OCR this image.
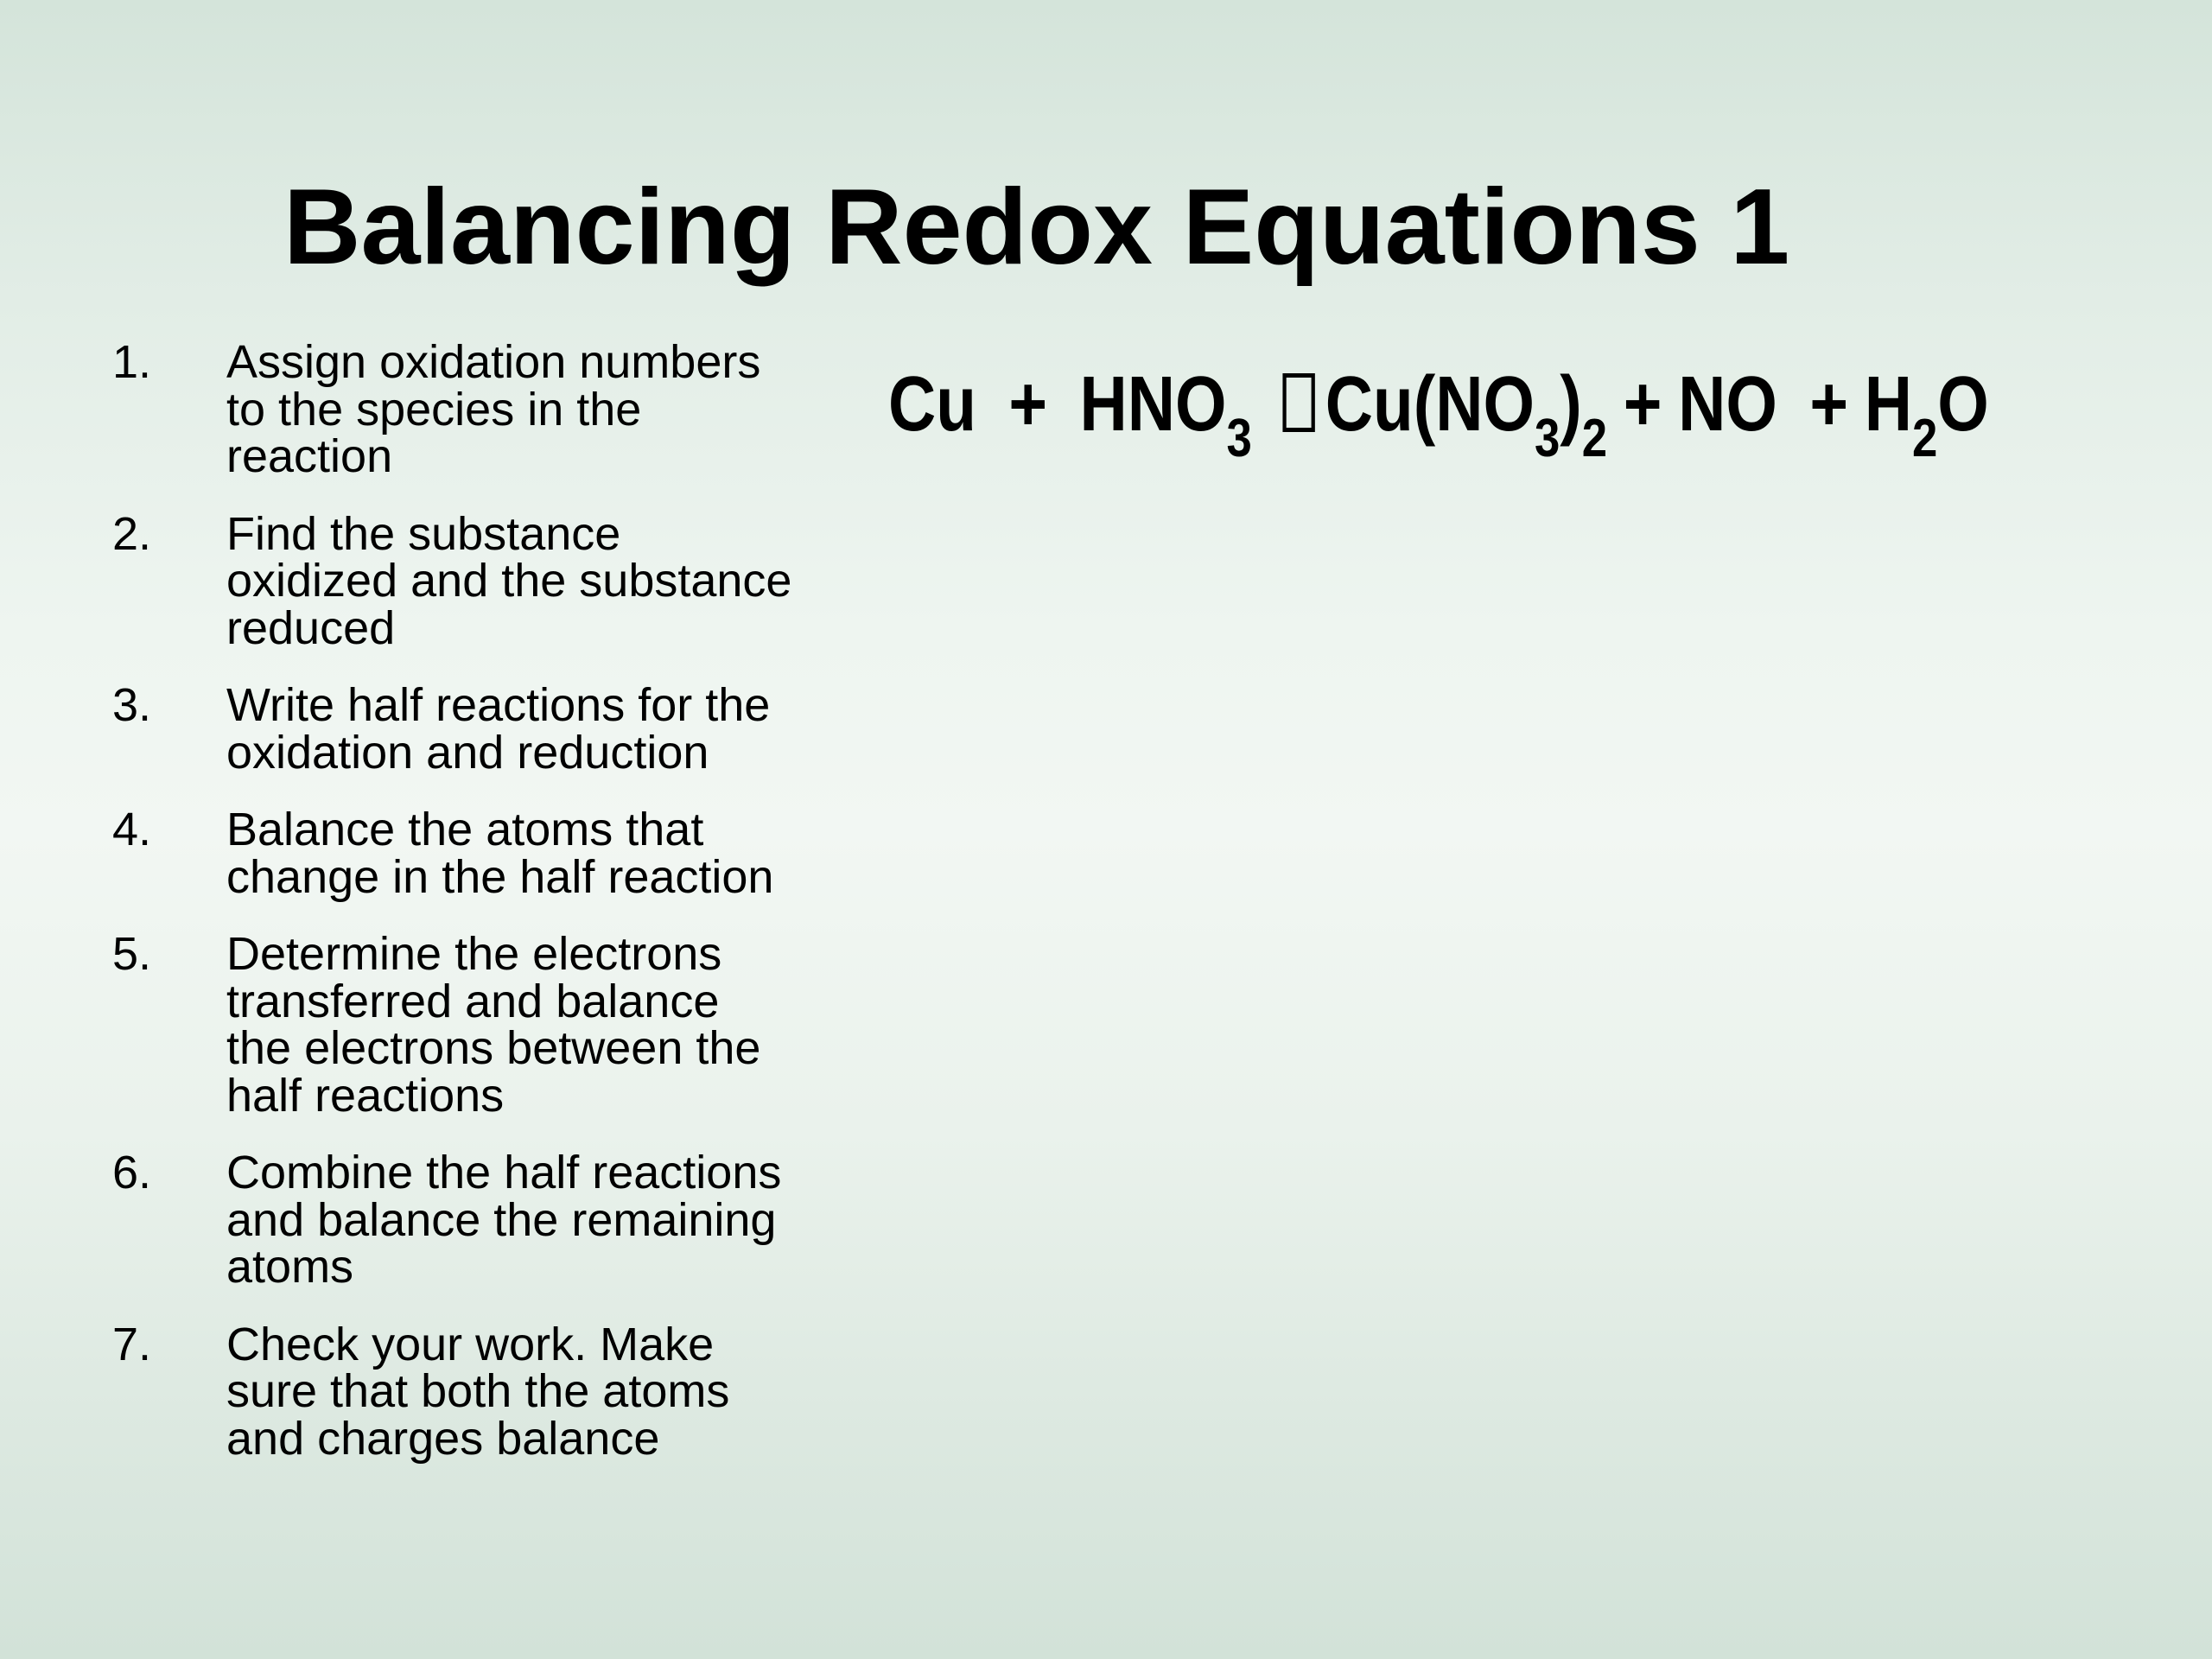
Balancing Redox Equations 1
1. Assign oxidation numbers
to the species in the
reaction
2. Find the substance
oxidized and the substance
reduced
3. Write half reactions for the
oxidation and reduction
4. Balance the atoms that
change in the half reaction
5. Determine the electrons
transferred and balance
the electrons between the
half reactions
6. Combine the half reactions
and balance the remaining
atoms
7. Check your work. Make
sure that both the atoms
and charges balance
Cu + HNO3 Cu(NO3)2 + NO + H2O
